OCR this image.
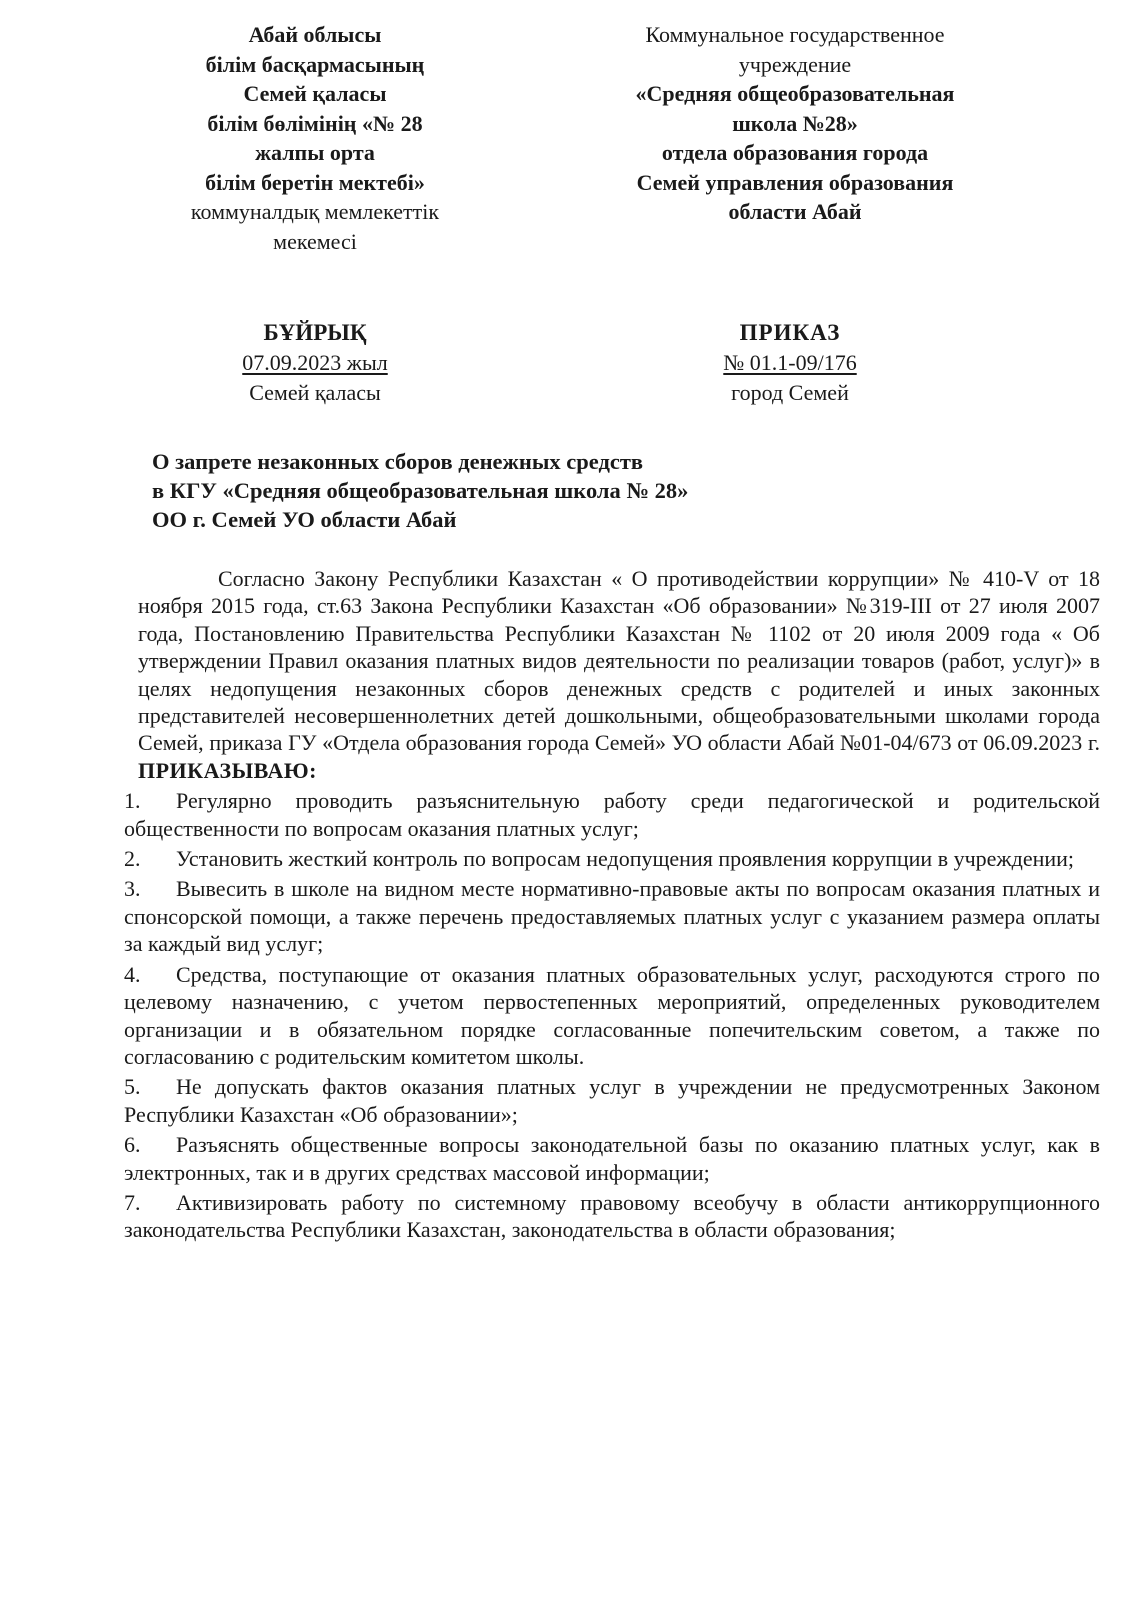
Абай облысы
білім басқармасының
Семей қаласы
білім бөлімінің «№ 28
жалпы орта
білім беретін мектебі»
коммуналдық мемлекеттік
мекемесі
Коммунальное государственное
учреждение
«Средняя общеобразовательная
школа №28»
отдела образования города
Семей управления образования
области Абай
БҰЙРЫҚ
07.09.2023 жыл
Семей қаласы
ПРИКАЗ
№ 01.1-09/176
город Семей
О запрете незаконных сборов денежных средств
в КГУ «Средняя общеобразовательная школа № 28»
ОО г. Семей УО области Абай

Согласно Закону Республики Казахстан « О противодействии коррупции» № 410-V от 18 ноября 2015 года, ст.63 Закона Республики Казахстан «Об образовании» №319-III от 27 июля 2007 года, Постановлению Правительства Республики Казахстан № 1102 от 20 июля 2009 года « Об утверждении Правил оказания платных видов деятельности по реализации товаров (работ, услуг)» в целях недопущения незаконных сборов денежных средств с родителей и иных законных представителей несовершеннолетних детей дошкольными, общеобразовательными школами города Семей, приказа ГУ «Отдела образования города Семей» УО области Абай №01-04/673 от 06.09.2023 г. ПРИКАЗЫВАЮ:

1. Регулярно проводить разъяснительную работу среди педагогической и родительской общественности по вопросам оказания платных услуг;
2. Установить жесткий контроль по вопросам недопущения проявления коррупции в учреждении;
3. Вывесить в школе на видном месте нормативно-правовые акты по вопросам оказания платных и спонсорской помощи, а также перечень предоставляемых платных услуг с указанием размера оплаты за каждый вид услуг;
4. Средства, поступающие от оказания платных образовательных услуг, расходуются строго по целевому назначению, с учетом первостепенных мероприятий, определенных руководителем организации и в обязательном порядке согласованные попечительским советом, а также по согласованию с родительским комитетом школы.
5. Не допускать фактов оказания платных услуг в учреждении не предусмотренных Законом Республики Казахстан «Об образовании»;
6. Разъяснять общественные вопросы законодательной базы по оказанию платных услуг, как в электронных, так и в других средствах массовой информации;
7. Активизировать работу по системному правовому всеобучу в области антикоррупционного законодательства Республики Казахстан, законодательства в области образования;
